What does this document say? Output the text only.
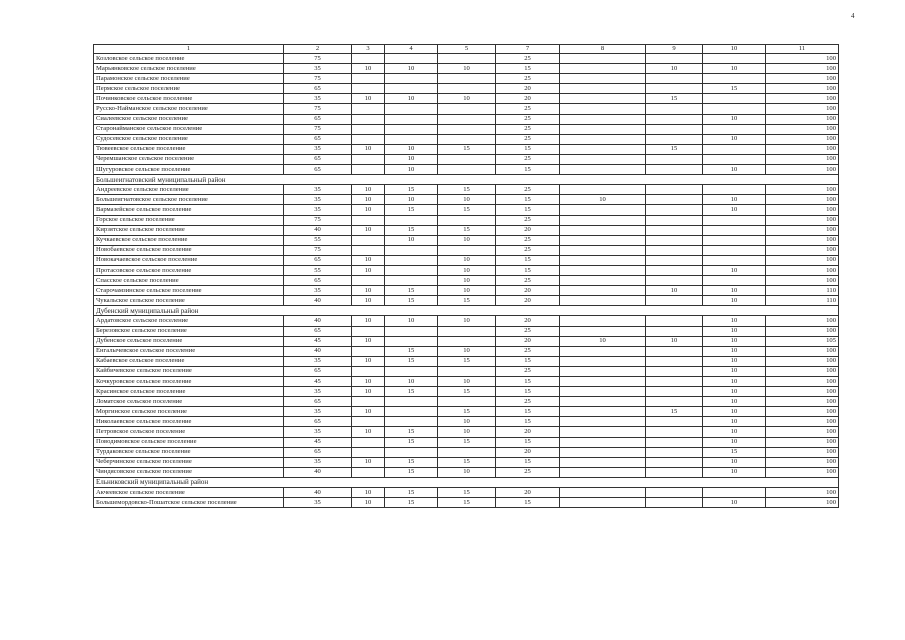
4
1	2	3	4	5	7	8	9	10	11
Козловское сельское поселение	75				25				100
Марьянковское сельское поселение	35	10	10	10	15		10	10	100
Парамонское сельское поселение	75				25				100
Пермское сельское поселение	65				20			15	100
Починковское сельское поселение	35	10	10	10	20		15		100
Русско-Найманское сельское поселение	75				25				100
Сиалеевское сельское поселение	65				25			10	100
Старонайманское сельское поселение	75				25				100
Судосевское сельское поселение	65				25			10	100
Тювеевское сельское поселение	35	10	10	15	15		15		100
Черемшанское сельское поселение	65		10		25				100
Шугуровское сельское поселение	65		10		15			10	100
Большеигнатовский муниципальный район									
Андреевское сельское поселение	35	10	15	15	25				100
Большеигнатовское сельское поселение	35	10	10	10	15	10		10	100
Вармазейское сельское поселение	35	10	15	15	15			10	100
Горское сельское поселение	75				25				100
Кирзятское сельское поселение	40	10	15	15	20				100
Кучкаевское сельское поселение	55		10	10	25				100
Новобаевское сельское поселение	75				25				100
Новокачаевское сельское поселение	65	10		10	15				100
Протасовское сельское поселение	55	10		10	15			10	100
Спасское сельское поселение	65			10	25				100
Старочамзинское сельское поселение	35	10	15	10	20		10	10	110
Чукальское сельское поселение	40	10	15	15	20			10	110
Дубенский муниципальный район									
Ардатовское сельское поселение	40	10	10	10	20			10	100
Березовское сельское поселение	65				25			10	100
Дубенское сельское поселение	45	10			20	10	10	10	105
Енгалычевское сельское поселение	40		15	10	25			10	100
Кабаевское сельское поселение	35	10	15	15	15			10	100
Кайбичевское сельское поселение	65				25			10	100
Кочкуровское сельское поселение	45	10	10	10	15			10	100
Красинское сельское поселение	35	10	15	15	15			10	100
Ломатское сельское поселение	65				25			10	100
Моргинское сельское поселение	35	10		15	15		15	10	100
Николаевское сельское поселение	65			10	15			10	100
Петровское сельское поселение	35	10	15	10	20			10	100
Поводимовское сельское поселение	45		15	15	15			10	100
Турдаковское сельское поселение	65				20			15	100
Чеберчинское сельское поселение	35	10	15	15	15			10	100
Чиндясовское сельское поселение	40		15	10	25			10	100
Ельниковский муниципальный район									
Акчеевское сельское поселение	40	10	15	15	20				100
Большемордовско-Пошатское сельское поселение	35	10	15	15	15			10	100
